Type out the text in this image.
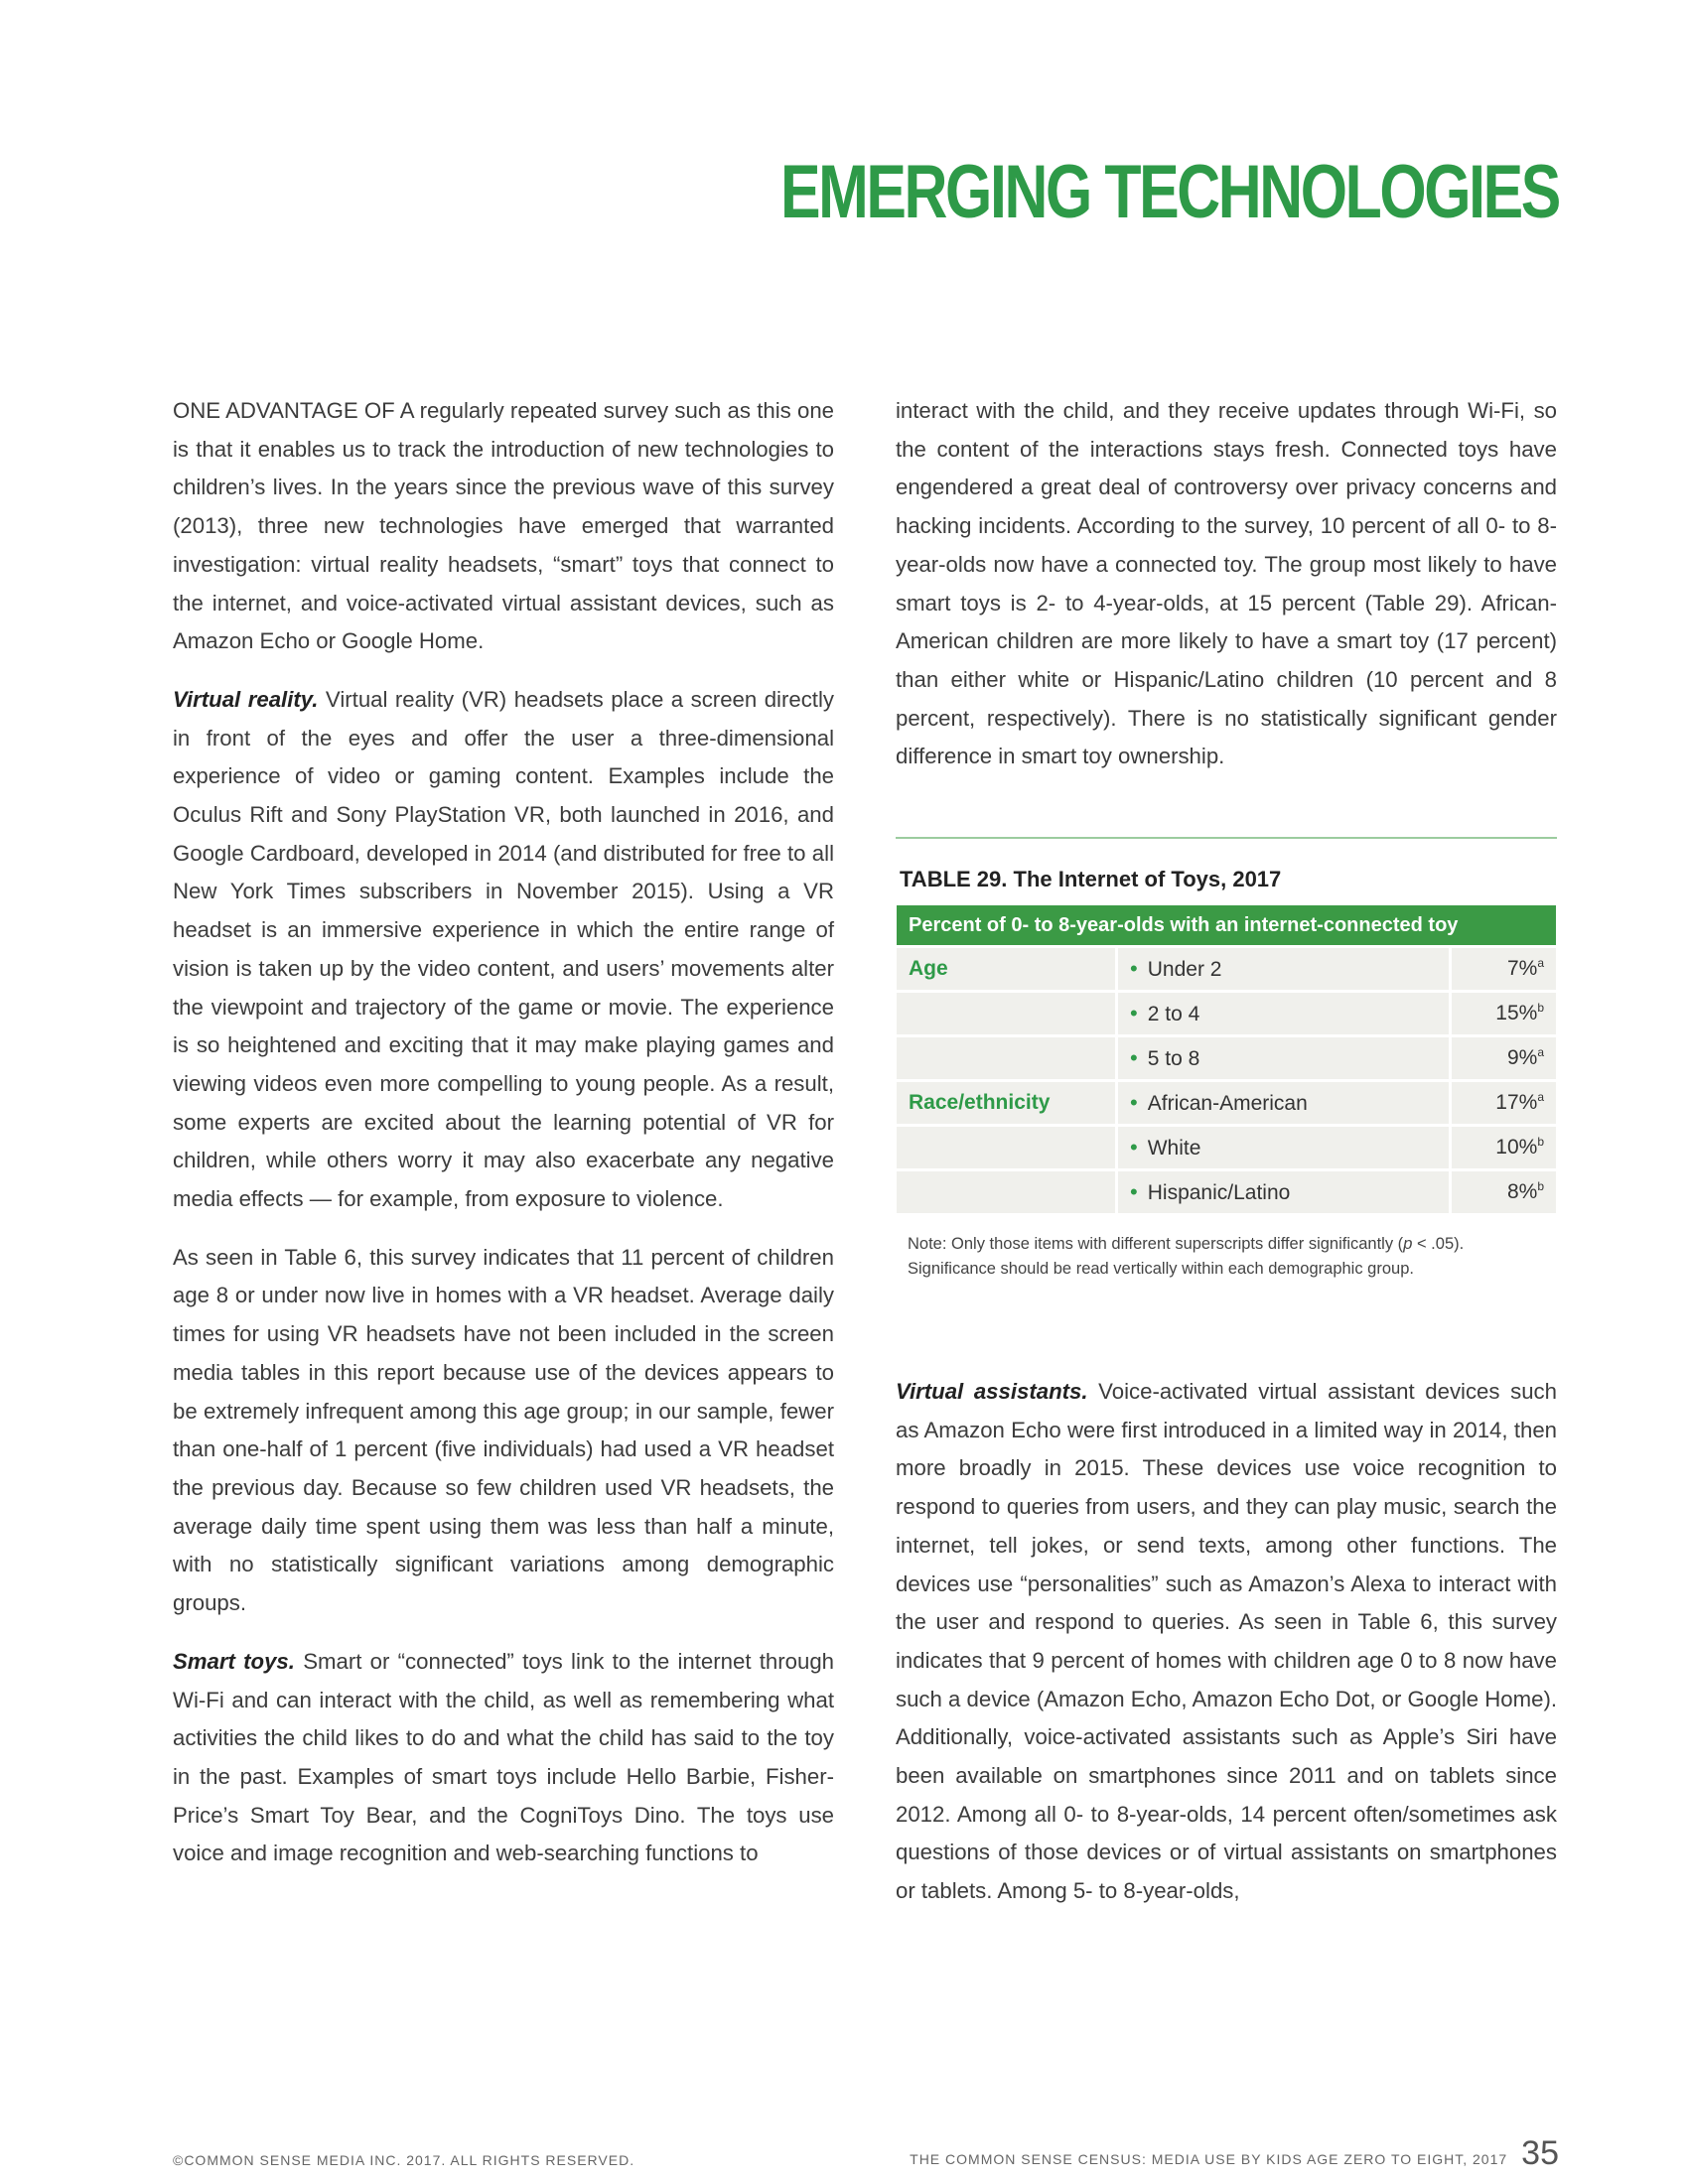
EMERGING TECHNOLOGIES

ONE ADVANTAGE OF A regularly repeated survey such as this one is that it enables us to track the introduction of new technologies to children’s lives. In the years since the previous wave of this survey (2013), three new technologies have emerged that warranted investigation: virtual reality headsets, “smart” toys that connect to the internet, and voice-activated virtual assistant devices, such as Amazon Echo or Google Home.

Virtual reality. Virtual reality (VR) headsets place a screen directly in front of the eyes and offer the user a three-dimensional experience of video or gaming content. Examples include the Oculus Rift and Sony PlayStation VR, both launched in 2016, and Google Cardboard, developed in 2014 (and distributed for free to all New York Times subscribers in November 2015). Using a VR headset is an immersive experience in which the entire range of vision is taken up by the video content, and users’ movements alter the viewpoint and trajectory of the game or movie. The experience is so heightened and exciting that it may make playing games and viewing videos even more compelling to young people. As a result, some experts are excited about the learning potential of VR for children, while others worry it may also exacerbate any negative media effects — for example, from exposure to violence.

As seen in Table 6, this survey indicates that 11 percent of children age 8 or under now live in homes with a VR headset. Average daily times for using VR headsets have not been included in the screen media tables in this report because use of the devices appears to be extremely infrequent among this age group; in our sample, fewer than one-half of 1 percent (five individuals) had used a VR headset the previous day. Because so few children used VR headsets, the average daily time spent using them was less than half a minute, with no statistically significant variations among demographic groups.

Smart toys. Smart or “connected” toys link to the internet through Wi-Fi and can interact with the child, as well as remembering what activities the child likes to do and what the child has said to the toy in the past. Examples of smart toys include Hello Barbie, Fisher-Price’s Smart Toy Bear, and the CogniToys Dino. The toys use voice and image recognition and web-searching functions to

interact with the child, and they receive updates through Wi-Fi, so the content of the interactions stays fresh. Connected toys have engendered a great deal of controversy over privacy concerns and hacking incidents. According to the survey, 10 percent of all 0- to 8-year-olds now have a connected toy. The group most likely to have smart toys is 2- to 4-year-olds, at 15 percent (Table 29). African-American children are more likely to have a smart toy (17 percent) than either white or Hispanic/Latino children (10 percent and 8 percent, respectively). There is no statistically significant gender difference in smart toy ownership.

TABLE 29. The Internet of Toys, 2017
Percent of 0- to 8-year-olds with an internet-connected toy		
Age	• Under 2	7%$^a$
	• 2 to 4	15%$^b$
	• 5 to 8	9%$^a$
Race/ethnicity	• African-American	17%$^a$
	• White	10%$^b$
	• Hispanic/Latino	8%$^b$
Note: Only those items with different superscripts differ significantly (p < .05). Significance should be read vertically within each demographic group.

Virtual assistants. Voice-activated virtual assistant devices such as Amazon Echo were first introduced in a limited way in 2014, then more broadly in 2015. These devices use voice recognition to respond to queries from users, and they can play music, search the internet, tell jokes, or send texts, among other functions. The devices use “personalities” such as Amazon’s Alexa to interact with the user and respond to queries. As seen in Table 6, this survey indicates that 9 percent of homes with children age 0 to 8 now have such a device (Amazon Echo, Amazon Echo Dot, or Google Home). Additionally, voice-activated assistants such as Apple’s Siri have been available on smartphones since 2011 and on tablets since 2012. Among all 0- to 8-year-olds, 14 percent often/sometimes ask questions of those devices or of virtual assistants on smartphones or tablets. Among 5- to 8-year-olds,

©COMMON SENSE MEDIA INC. 2017. ALL RIGHTS RESERVED.	THE COMMON SENSE CENSUS: MEDIA USE BY KIDS AGE ZERO TO EIGHT, 2017 35
